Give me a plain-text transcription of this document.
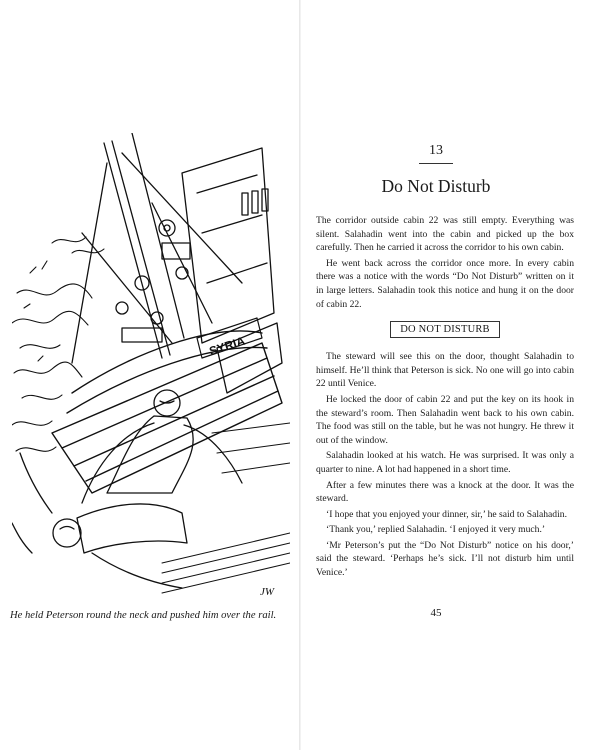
SYRIA
JW
He held Peterson round the neck and pushed him over the rail.
13
Do Not Disturb

The corridor outside cabin 22 was still empty. Everything was silent. Salahadin went into the cabin and picked up the box carefully. Then he carried it across the corridor to his own cabin.

He went back across the corridor once more. In every cabin there was a notice with the words “Do Not Disturb” written on it in large letters. Salahadin took this notice and hung it on the door of cabin 22.

DO NOT DISTURB

The steward will see this on the door, thought Salahadin to himself. He’ll think that Peterson is sick. No one will go into cabin 22 until Venice.

He locked the door of cabin 22 and put the key on its hook in the steward’s room. Then Salahadin went back to his own cabin. The food was still on the table, but he was not hungry. He threw it out of the window.

Salahadin looked at his watch. He was surprised. It was only a quarter to nine. A lot had happened in a short time.

After a few minutes there was a knock at the door. It was the steward.

‘I hope that you enjoyed your dinner, sir,’ he said to Salahadin.

‘Thank you,’ replied Salahadin. ‘I enjoyed it very much.’

‘Mr Peterson’s put the “Do Not Disturb” notice on his door,’ said the steward. ‘Perhaps he’s sick. I’ll not disturb him until Venice.’

45
